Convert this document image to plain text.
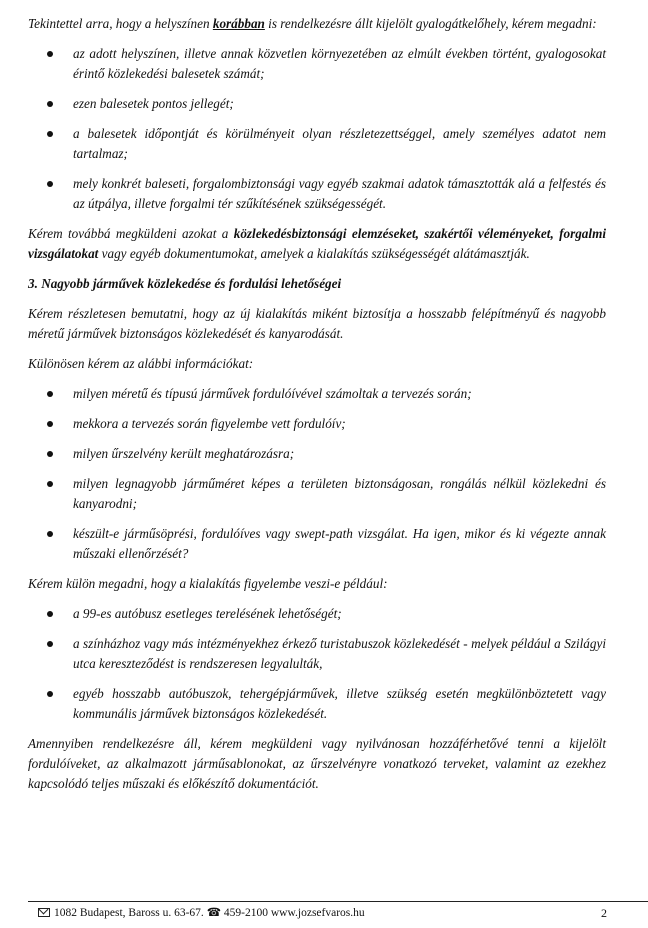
Tekintettel arra, hogy a helyszínen korábban is rendelkezésre állt kijelölt gyalogátkelőhely, kérem megadni:

az adott helyszínen, illetve annak közvetlen környezetében az elmúlt években történt, gyalogosokat érintő közlekedési balesetek számát;
ezen balesetek pontos jellegét;
a balesetek időpontját és körülményeit olyan részletezettséggel, amely személyes adatot nem tartalmaz;
mely konkrét baleseti, forgalombiztonsági vagy egyéb szakmai adatok támasztották alá a felfestés és az útpálya, illetve forgalmi tér szűkítésének szükségességét.

Kérem továbbá megküldeni azokat a közlekedésbiztonsági elemzéseket, szakértői véleményeket, forgalmi vizsgálatokat vagy egyéb dokumentumokat, amelyek a kialakítás szükségességét alátámasztják.

3. Nagyobb járművek közlekedése és fordulási lehetőségei

Kérem részletesen bemutatni, hogy az új kialakítás miként biztosítja a hosszabb felépítményű és nagyobb méretű járművek biztonságos közlekedését és kanyarodását.

Különösen kérem az alábbi információkat:

milyen méretű és típusú járművek fordulóívével számoltak a tervezés során;
mekkora a tervezés során figyelembe vett fordulóív;
milyen űrszelvény került meghatározásra;
milyen legnagyobb járműméret képes a területen biztonságosan, rongálás nélkül közlekedni és kanyarodni;
készült-e járműsöprési, fordulóíves vagy swept-path vizsgálat. Ha igen, mikor és ki végezte annak műszaki ellenőrzését?

Kérem külön megadni, hogy a kialakítás figyelembe veszi-e például:

a 99-es autóbusz esetleges terelésének lehetőségét;
a színházhoz vagy más intézményekhez érkező turistabuszok közlekedését - melyek például a Szilágyi utca kereszteződést is rendszeresen legyalulták,
egyéb hosszabb autóbuszok, tehergépjárművek, illetve szükség esetén megkülönböztetett vagy kommunális járművek biztonságos közlekedését.

Amennyiben rendelkezésre áll, kérem megküldeni vagy nyilvánosan hozzáférhetővé tenni a kijelölt fordulóíveket, az alkalmazott járműsablonokat, az űrszelvényre vonatkozó terveket, valamint az ezekhez kapcsolódó teljes műszaki és előkészítő dokumentációt.

1082 Budapest, Baross u. 63-67. ☎ 459-2100 www.jozsefvaros.hu	2
